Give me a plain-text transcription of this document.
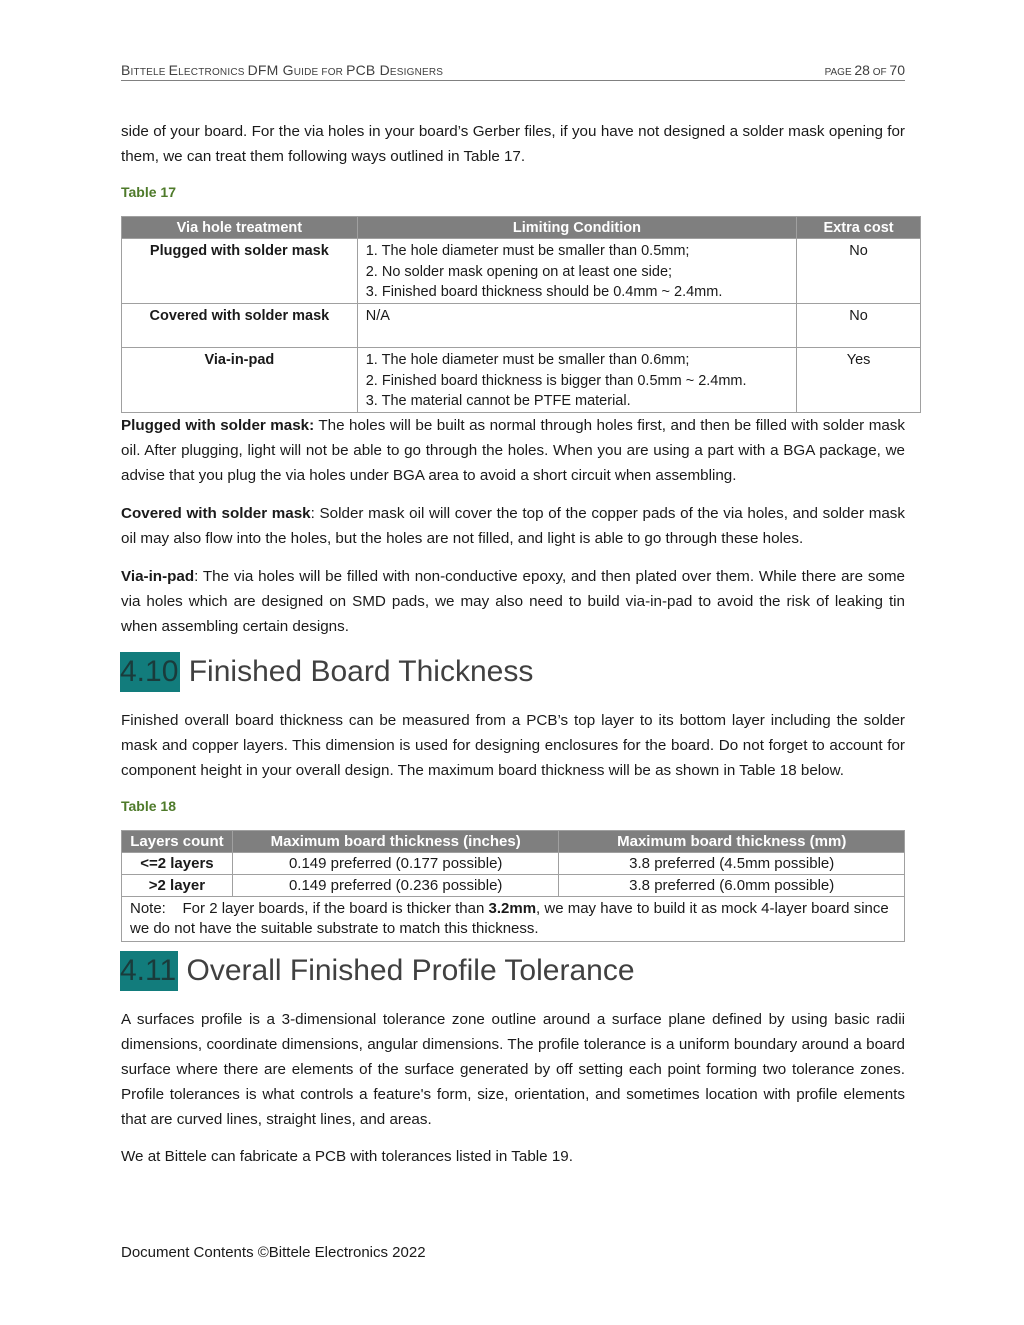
BITTELE ELECTRONICS DFM GUIDE FOR PCB DESIGNERS	PAGE 28 OF 70
side of your board. For the via holes in your board’s Gerber files, if you have not designed a solder mask opening for them, we can treat them following ways outlined in Table 17.
Table 17
Via hole treatment	Limiting Condition	Extra cost
Plugged with solder mask	1. The hole diameter must be smaller than 0.5mm;
2. No solder mask opening on at least one side;
3. Finished board thickness should be 0.4mm ~ 2.4mm.	No
Covered with solder mask	N/A	No
Via-in-pad	1. The hole diameter must be smaller than 0.6mm;
2. Finished board thickness is bigger than 0.5mm ~ 2.4mm.
3. The material cannot be PTFE material.	Yes
Plugged with solder mask: The holes will be built as normal through holes first, and then be filled with solder mask oil. After plugging, light will not be able to go through the holes. When you are using a part with a BGA package, we advise that you plug the via holes under BGA area to avoid a short circuit when assembling.
Covered with solder mask: Solder mask oil will cover the top of the copper pads of the via holes, and solder mask oil may also flow into the holes, but the holes are not filled, and light is able to go through these holes.
Via-in-pad: The via holes will be filled with non-conductive epoxy, and then plated over them. While there are some via holes which are designed on SMD pads, we may also need to build via-in-pad to avoid the risk of leaking tin when assembling certain designs.
4.10 Finished Board Thickness
Finished overall board thickness can be measured from a PCB’s top layer to its bottom layer including the solder mask and copper layers. This dimension is used for designing enclosures for the board. Do not forget to account for component height in your overall design. The maximum board thickness will be as shown in Table 18 below.
Table 18
Layers count	Maximum board thickness (inches)	Maximum board thickness (mm)
<=2 layers	0.149 preferred (0.177 possible)	3.8 preferred (4.5mm possible)
>2 layer	0.149 preferred (0.236 possible)	3.8 preferred (6.0mm possible)
Note:    For 2 layer boards, if the board is thicker than 3.2mm, we may have to build it as mock 4-layer board since we do not have the suitable substrate to match this thickness.		
4.11 Overall Finished Profile Tolerance
A surfaces profile is a 3-dimensional tolerance zone outline around a surface plane defined by using basic radii dimensions, coordinate dimensions, angular dimensions. The profile tolerance is a uniform boundary around a board surface where there are elements of the surface generated by off setting each point forming two tolerance zones. Profile tolerances is what controls a feature's form, size, orientation, and sometimes location with profile elements that are curved lines, straight lines, and areas.
We at Bittele can fabricate a PCB with tolerances listed in Table 19.
Document Contents ©Bittele Electronics 2022
